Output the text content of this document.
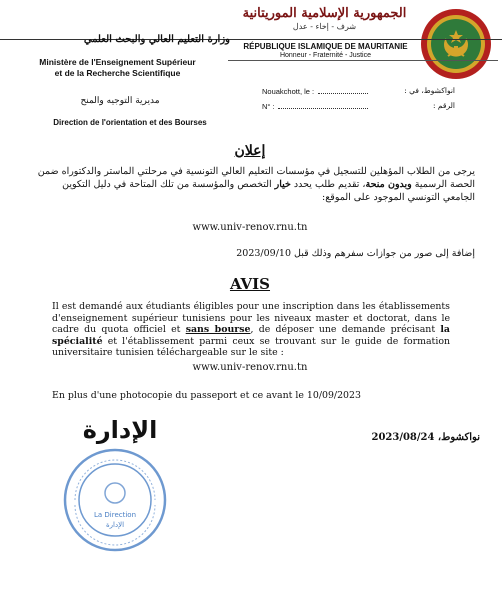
الجمهورية الإسلامية الموريتانية
شرف - إخاء - عدل
RÉPUBLIQUE ISLAMIQUE DE MAURITANIE
Honneur - Fraternité - Justice
وزارة التعليم العالي والبحث العلمي
Ministère de l'Enseignement Supérieur
et de la Recherche Scientifique
مديرية التوجيه والمنح
Direction de l'orientation et des Bourses
Nouakchott, le :	انواكشوط، في :
N° :	الرقم :
إعلان
يرجى من الطلاب المؤهلين للتسجيل في مؤسسات التعليم العالي التونسية في مرحلتي الماستر والدكتوراه ضمن الحصة الرسمية وبدون منحة، تقديم طلب يحدد خيار التخصص والمؤسسة من تلك المتاحة في دليل التكوين الجامعي التونسي الموجود على الموقع:
www.univ-renov.rnu.tn
إضافة إلى صور من جوازات سفرهم وذلك قبل 2023/09/10
AVIS
Il est demandé aux étudiants éligibles pour une inscription dans les établissements d'enseignement supérieur tunisiens pour les niveaux master et doctorat, dans le cadre du quota officiel et sans bourse, de déposer une demande précisant la spécialité et l'établissement parmi ceux se trouvant sur le guide de formation universitaire tunisien téléchargeable sur le site :
www.univ-renov.rnu.tn
En plus d'une photocopie du passeport et ce avant le 10/09/2023
نواكشوط، 2023/08/24
الإدارة
La Direction
الإدارة
